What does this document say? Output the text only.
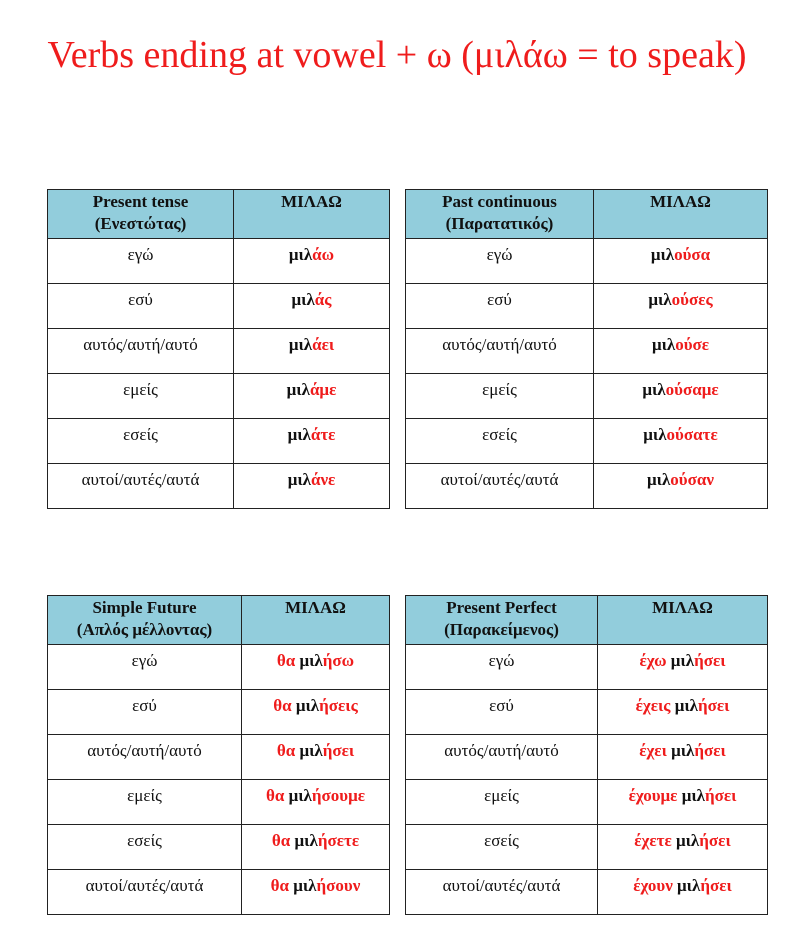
Verbs ending at vowel + ω (μιλάω = to speak)
Present tense
(Ενεστώτας)	ΜΙΛΑΩ
εγώ	μιλάω
εσύ	μιλάς
αυτός/αυτή/αυτό	μιλάει
εμείς	μιλάμε
εσείς	μιλάτε
αυτοί/αυτές/αυτά	μιλάνε
Past continuous
(Παρατατικός)	ΜΙΛΑΩ
εγώ	μιλούσα
εσύ	μιλούσες
αυτός/αυτή/αυτό	μιλούσε
εμείς	μιλούσαμε
εσείς	μιλούσατε
αυτοί/αυτές/αυτά	μιλούσαν
Simple Future
(Απλός μέλλοντας)	ΜΙΛΑΩ
εγώ	θα μιλήσω
εσύ	θα μιλήσεις
αυτός/αυτή/αυτό	θα μιλήσει
εμείς	θα μιλήσουμε
εσείς	θα μιλήσετε
αυτοί/αυτές/αυτά	θα μιλήσουν
Present Perfect
(Παρακείμενος)	ΜΙΛΑΩ
εγώ	έχω μιλήσει
εσύ	έχεις μιλήσει
αυτός/αυτή/αυτό	έχει μιλήσει
εμείς	έχουμε μιλήσει
εσείς	έχετε μιλήσει
αυτοί/αυτές/αυτά	έχουν μιλήσει
